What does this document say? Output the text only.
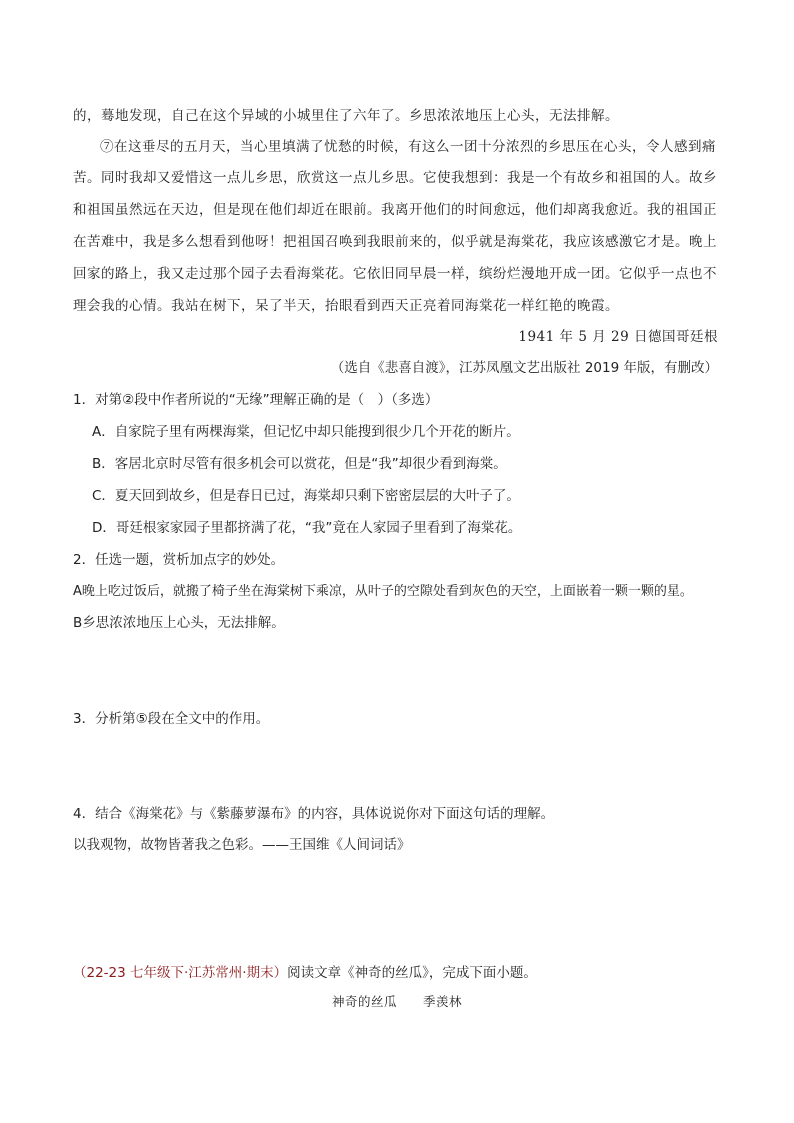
的，蓦地发现，自己在这个异域的小城里住了六年了。乡思浓浓地压上心头，无法排解。
⑦在这垂尽的五月天，当心里填满了忧愁的时候，有这么一团十分浓烈的乡思压在心头，令人感到痛
苦。同时我却又爱惜这一点儿乡思，欣赏这一点儿乡思。它使我想到：我是一个有故乡和祖国的人。故乡
和祖国虽然远在天边，但是现在他们却近在眼前。我离开他们的时间愈远，他们却离我愈近。我的祖国正
在苦难中，我是多么想看到他呀！把祖国召唤到我眼前来的，似乎就是海棠花，我应该感激它才是。晚上
回家的路上，我又走过那个园子去看海棠花。它依旧同早晨一样，缤纷烂漫地开成一团。它似乎一点也不
理会我的心情。我站在树下，呆了半天，抬眼看到西天正亮着同海棠花一样红艳的晚霞。
1941 年 5 月 29 日德国哥廷根
（选自《悲喜自渡》，江苏凤凰文艺出版社 2019 年版，有删改）
1．对第②段中作者所说的“无缘”理解正确的是（　）（多选）
A．自家院子里有两棵海棠，但记忆中却只能搜到很少几个开花的断片。
B．客居北京时尽管有很多机会可以赏花，但是“我”却很少看到海棠。
C．夏天回到故乡，但是春日已过，海棠却只剩下密密层层的大叶子了。
D．哥廷根家家园子里都挤满了花，“我”竟在人家园子里看到了海棠花。
2．任选一题，赏析加点字的妙处。
A晚上吃过饭后，就搬了椅子坐在海棠树下乘凉，从叶子的空隙处看到灰色的天空，上面嵌着一颗一颗的星。
B乡思浓浓地压上心头，无法排解。
3．分析第⑤段在全文中的作用。
4．结合《海棠花》与《紫藤萝瀑布》的内容，具体说说你对下面这句话的理解。
以我观物，故物皆著我之色彩。——王国维《人间词话》
（22-23 七年级下·江苏常州·期末）阅读文章《神奇的丝瓜》，完成下面小题。
神奇的丝瓜　　季羡林
